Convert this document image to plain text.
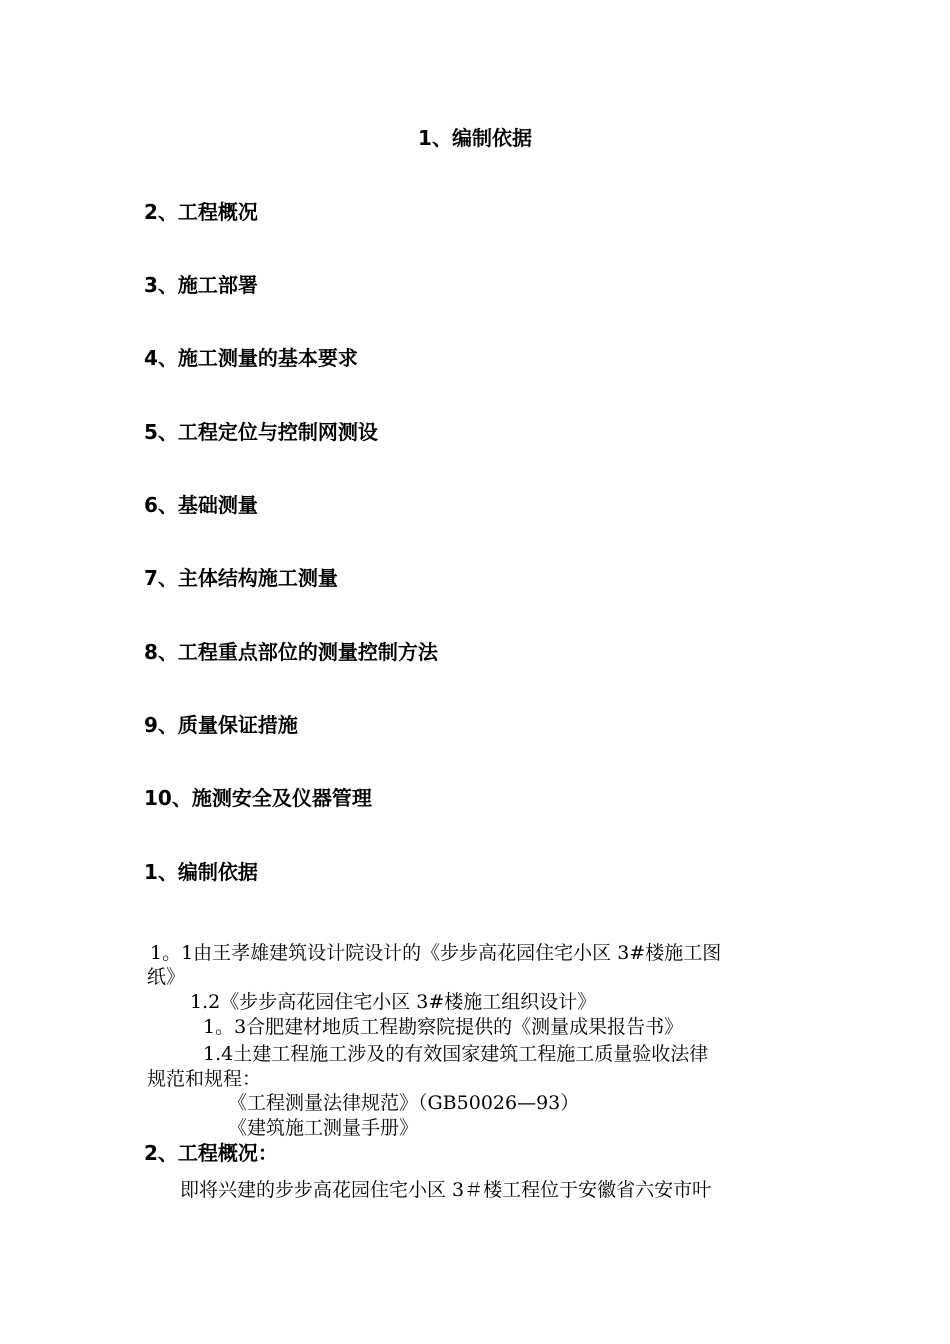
1、编制依据
2、工程概况
3、施工部署
4、施工测量的基本要求
5、工程定位与控制网测设
6、基础测量
7、主体结构施工测量
8、工程重点部位的测量控制方法
9、质量保证措施
10、施测安全及仪器管理
1、编制依据
1。1由王孝雄建筑设计院设计的《步步高花园住宅小区 3#楼施工图
纸》
1.2《步步高花园住宅小区 3#楼施工组织设计》
1。3合肥建材地质工程勘察院提供的《测量成果报告书》
1.4土建工程施工涉及的有效国家建筑工程施工质量验收法律
规范和规程：
《工程测量法律规范》（GB50026—93）
《建筑施工测量手册》
2、工程概况：
即将兴建的步步高花园住宅小区 3＃楼工程位于安徽省六安市叶
